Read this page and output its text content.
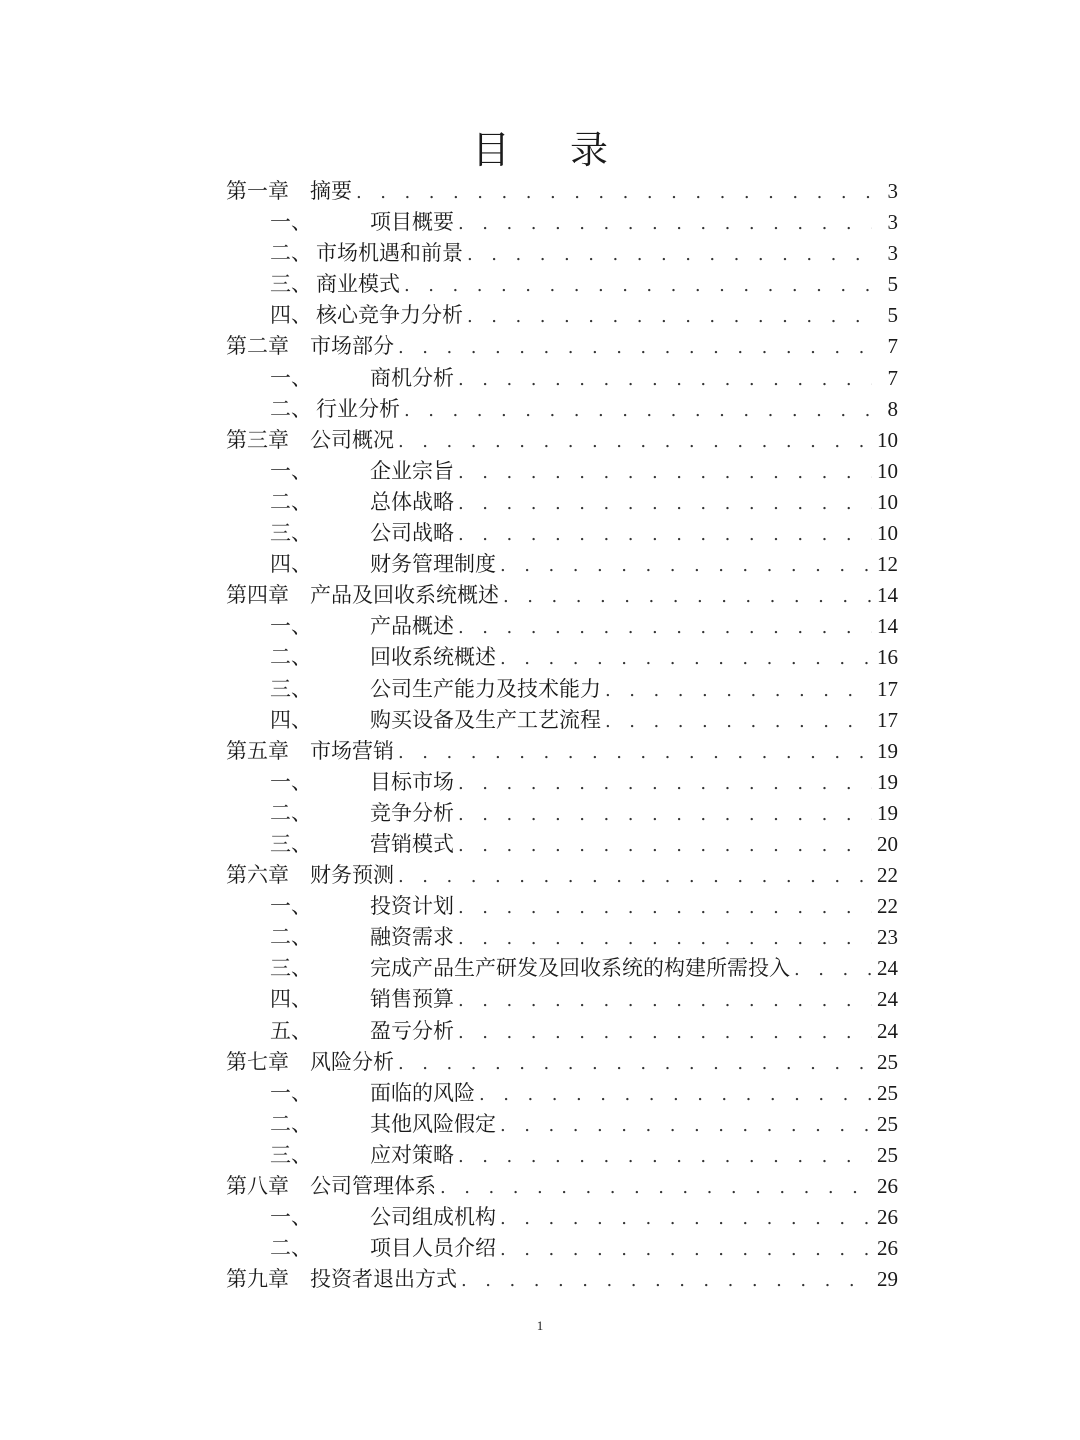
目 录
第一章	摘要 . . .	3
一、	项目概要 . . .	3
二、 市场机遇和前景 . . .	3
三、 商业模式 . . .	5
四、 核心竞争力分析 . . .	5
第二章	市场部分 . . .	7
一、	商机分析 . . .	7
二、 行业分析 . . .	8
第三章	公司概况 . . .	10
一、	企业宗旨 . . .	10
二、	总体战略 . . .	10
三、	公司战略 . . .	10
四、	财务管理制度 . . .	12
第四章	产品及回收系统概述 . . .	14
一、	产品概述 . . .	14
二、	回收系统概述 . . .	16
三、	公司生产能力及技术能力 . . .	17
四、	购买设备及生产工艺流程 . . .	17
第五章	市场营销 . . .	19
一、	目标市场 . . .	19
二、	竞争分析 . . .	19
三、	营销模式 . . .	20
第六章	财务预测 . . .	22
一、	投资计划 . . .	22
二、	融资需求 . . .	23
三、	完成产品生产研发及回收系统的构建所需投入 . . .	24
四、	销售预算 . . .	24
五、	盈亏分析 . . .	24
第七章	风险分析 . . .	25
一、	面临的风险 . . .	25
二、	其他风险假定 . . .	25
三、	应对策略 . . .	25
第八章	公司管理体系 . . .	26
一、	公司组成机构 . . .	26
二、	项目人员介绍 . . .	26
第九章	投资者退出方式 . . .	29
1
